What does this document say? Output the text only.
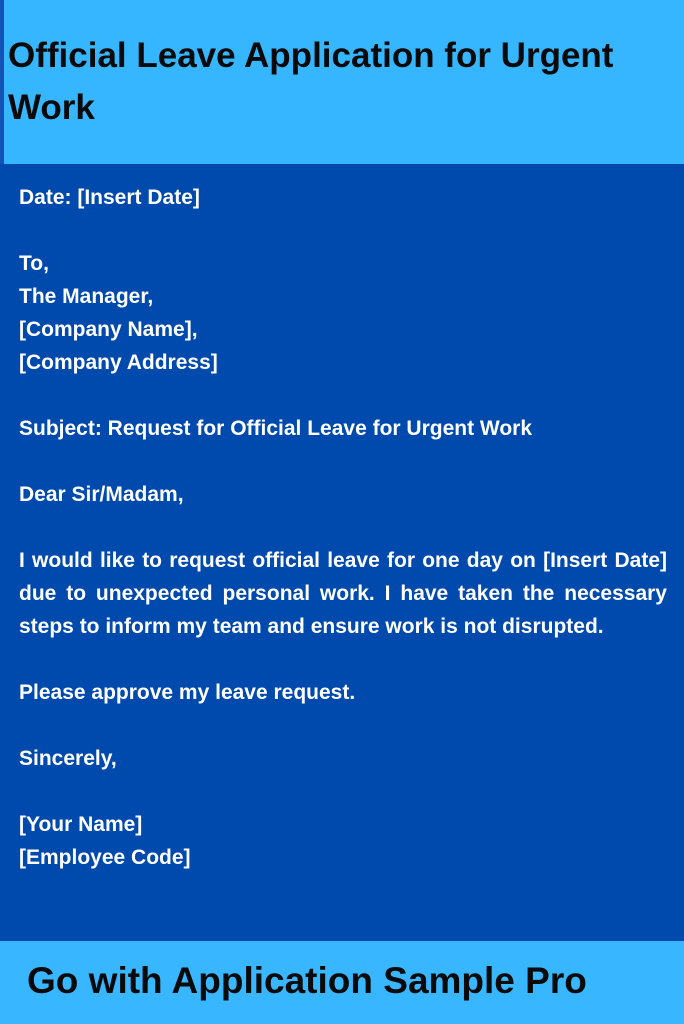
Official Leave Application for Urgent Work

Date: [Insert Date]

To,
The Manager,
[Company Name],
[Company Address]

Subject: Request for Official Leave for Urgent Work

Dear Sir/Madam,

I would like to request official leave for one day on [Insert Date] due to unexpected personal work. I have taken the necessary steps to inform my team and ensure work is not disrupted.

Please approve my leave request.

Sincerely,

[Your Name]
[Employee Code]

Go with Application Sample Pro
